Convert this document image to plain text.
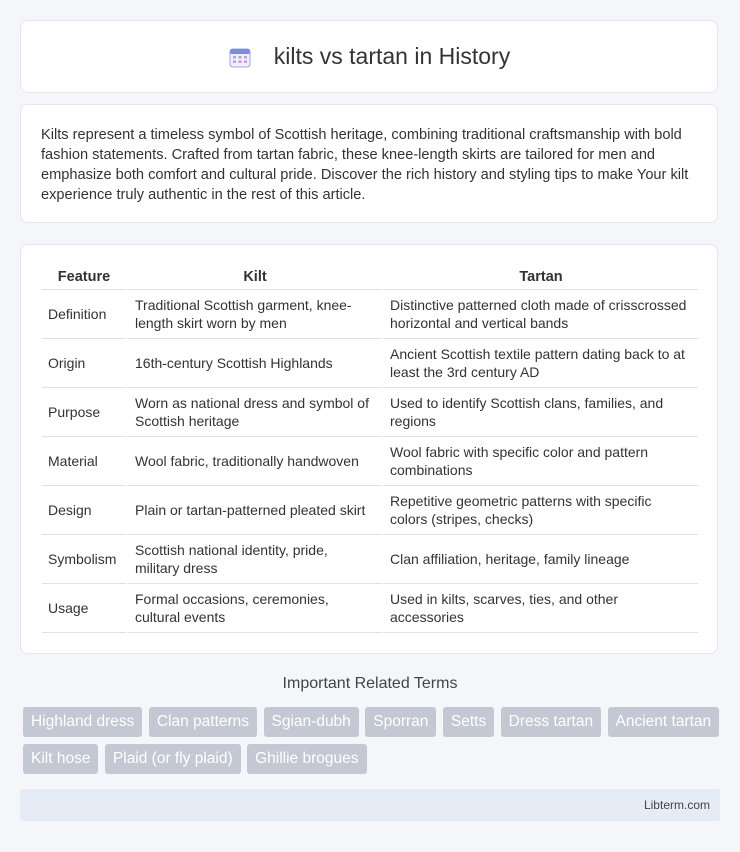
kilts vs tartan in History
Kilts represent a timeless symbol of Scottish heritage, combining traditional craftsmanship with bold fashion statements. Crafted from tartan fabric, these knee-length skirts are tailored for men and emphasize both comfort and cultural pride. Discover the rich history and styling tips to make Your kilt experience truly authentic in the rest of this article.
Feature	Kilt	Tartan
Definition	Traditional Scottish garment, knee-length skirt worn by men	Distinctive patterned cloth made of crisscrossed horizontal and vertical bands
Origin	16th-century Scottish Highlands	Ancient Scottish textile pattern dating back to at least the 3rd century AD
Purpose	Worn as national dress and symbol of Scottish heritage	Used to identify Scottish clans, families, and regions
Material	Wool fabric, traditionally handwoven	Wool fabric with specific color and pattern combinations
Design	Plain or tartan-patterned pleated skirt	Repetitive geometric patterns with specific colors (stripes, checks)
Symbolism	Scottish national identity, pride, military dress	Clan affiliation, heritage, family lineage
Usage	Formal occasions, ceremonies, cultural events	Used in kilts, scarves, ties, and other accessories
Important Related Terms
Highland dress Clan patterns Sgian-dubh Sporran Setts Dress tartan Ancient tartan Kilt hose Plaid (or fly plaid) Ghillie brogues
Libterm.com
